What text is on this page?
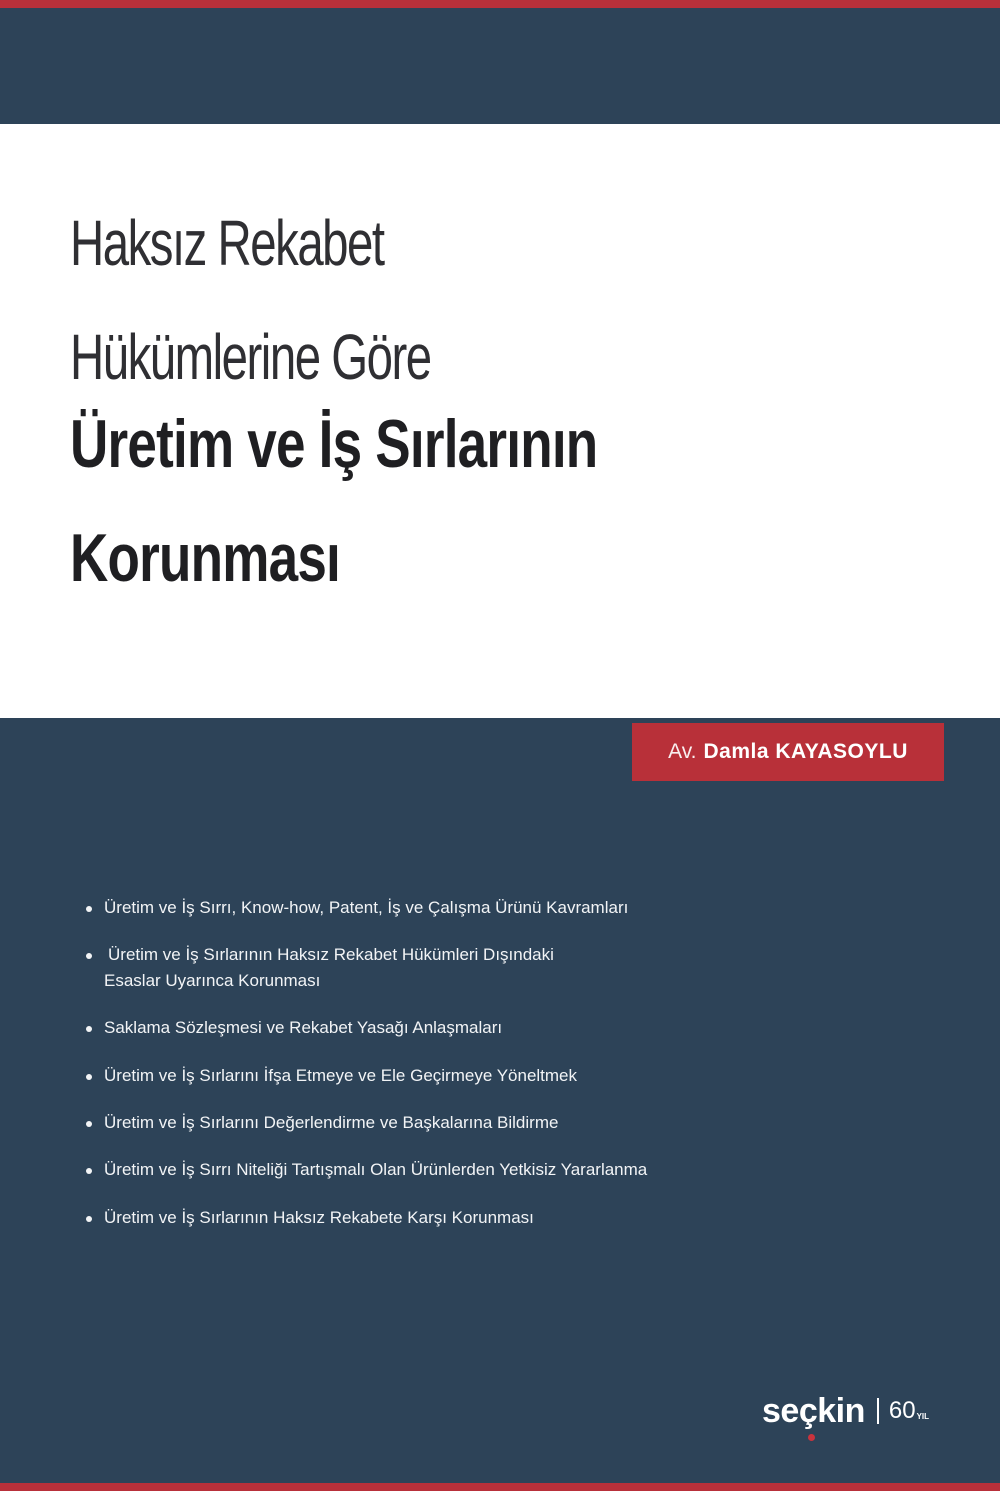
Haksız Rekabet
Hükümlerine Göre
Üretim ve İş Sırlarının
Korunması
Av. Damla KAYASOYLU
Üretim ve İş Sırrı, Know-how, Patent, İş ve Çalışma Ürünü Kavramları
Üretim ve İş Sırlarının Haksız Rekabet Hükümleri Dışındaki
Esaslar Uyarınca Korunması
Saklama Sözleşmesi ve Rekabet Yasağı Anlaşmaları
Üretim ve İş Sırlarını İfşa Etmeye ve Ele Geçirmeye Yöneltmek
Üretim ve İş Sırlarını Değerlendirme ve Başkalarına Bildirme
Üretim ve İş Sırrı Niteliği Tartışmalı Olan Ürünlerden Yetkisiz Yararlanma
Üretim ve İş Sırlarının Haksız Rekabete Karşı Korunması
seçkin 60 YIL
